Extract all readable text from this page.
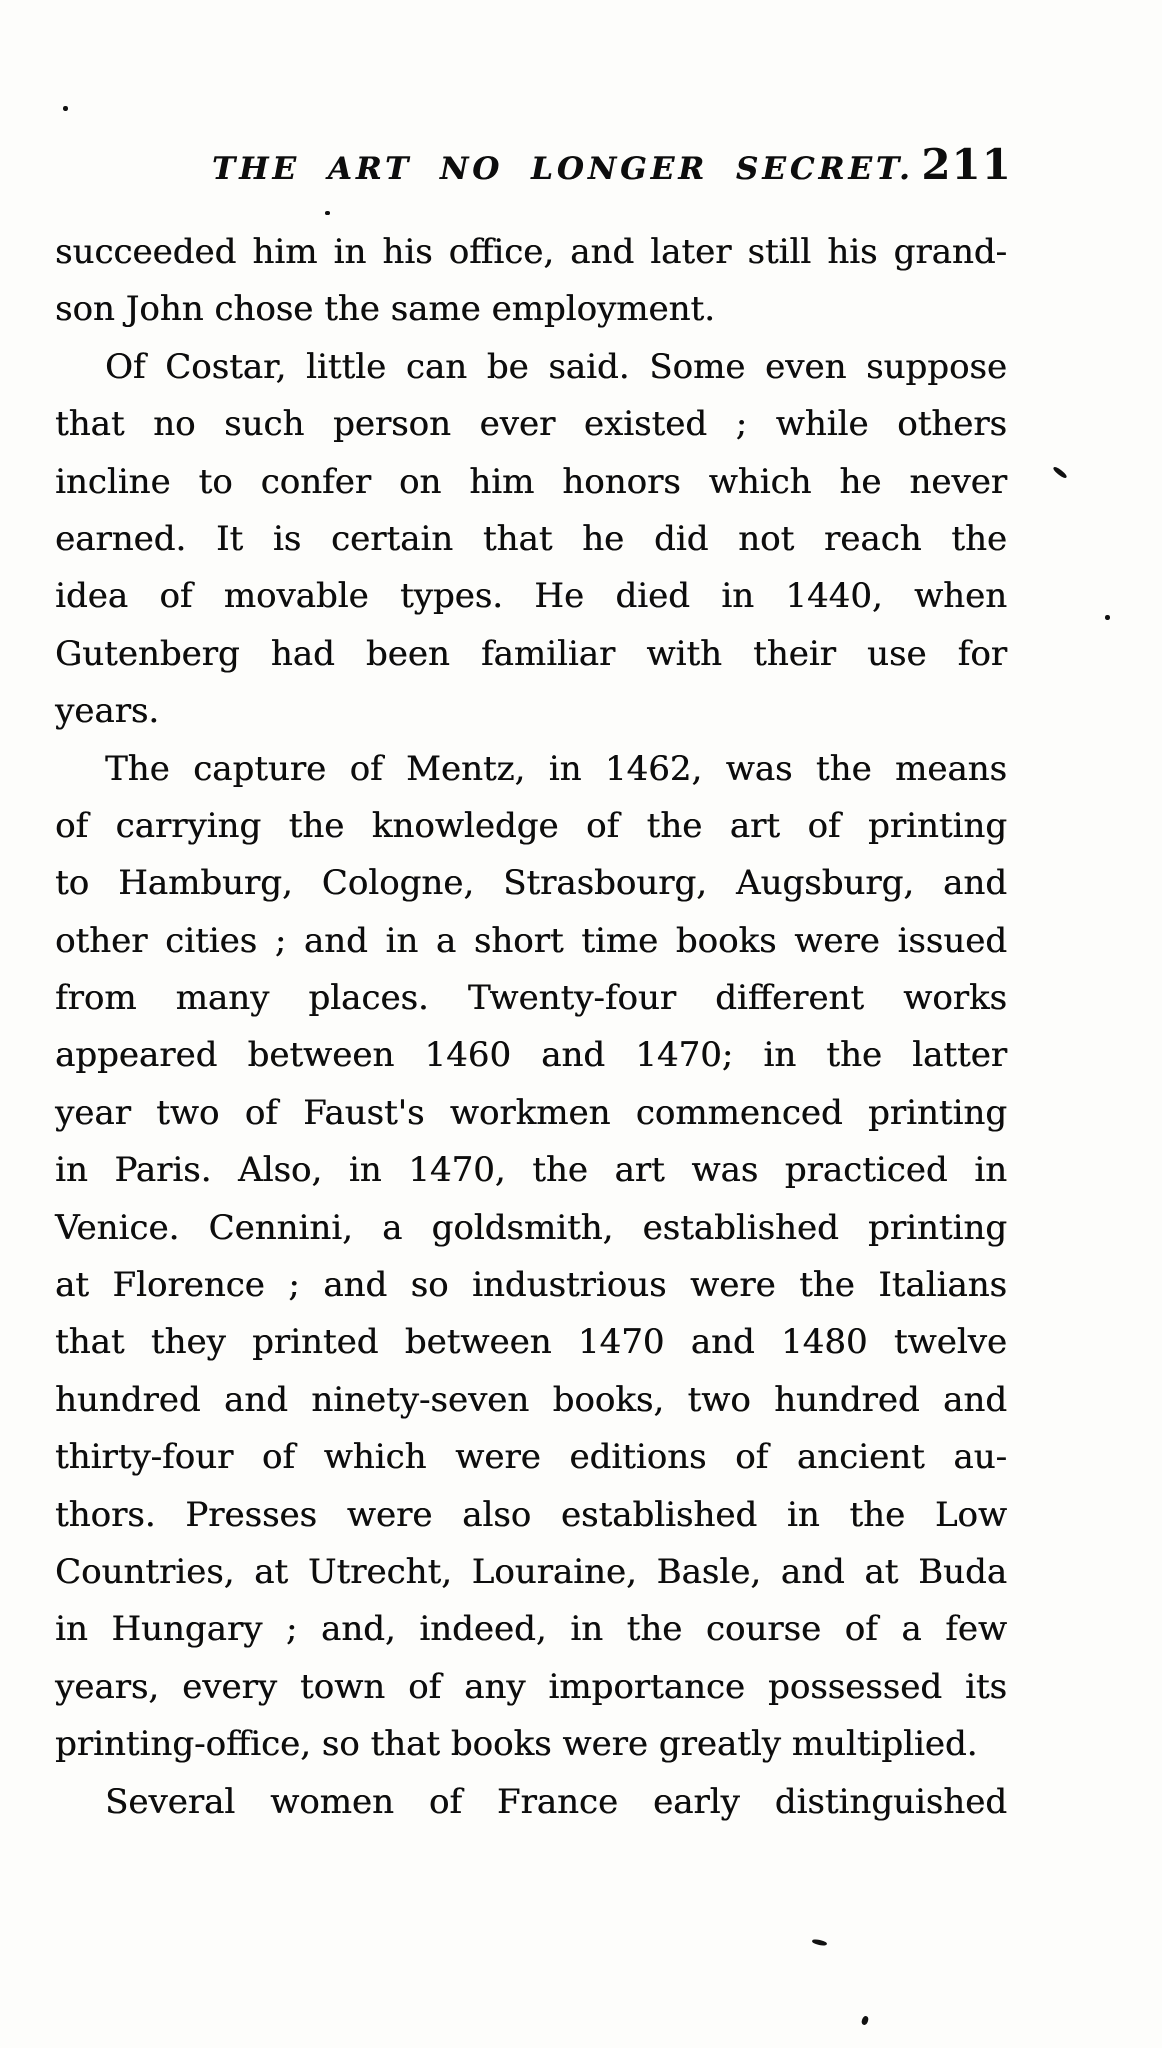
THE ART NO LONGER SECRET. 211
succeeded him in his office, and later still his grand-
son John chose the same employment.
Of Costar, little can be said. Some even suppose
that no such person ever existed ; while others
incline to confer on him honors which he never
earned. It is certain that he did not reach the
idea of movable types. He died in 1440, when
Gutenberg had been familiar with their use for
years.
The capture of Mentz, in 1462, was the means
of carrying the knowledge of the art of printing
to Hamburg, Cologne, Strasbourg, Augsburg, and
other cities ; and in a short time books were issued
from many places. Twenty-four different works
appeared between 1460 and 1470; in the latter
year two of Faust's workmen commenced printing
in Paris. Also, in 1470, the art was practiced in
Venice. Cennini, a goldsmith, established printing
at Florence ; and so industrious were the Italians
that they printed between 1470 and 1480 twelve
hundred and ninety-seven books, two hundred and
thirty-four of which were editions of ancient au-
thors. Presses were also established in the Low
Countries, at Utrecht, Louraine, Basle, and at Buda
in Hungary ; and, indeed, in the course of a few
years, every town of any importance possessed its
printing-office, so that books were greatly multiplied.
Several women of France early distinguished
